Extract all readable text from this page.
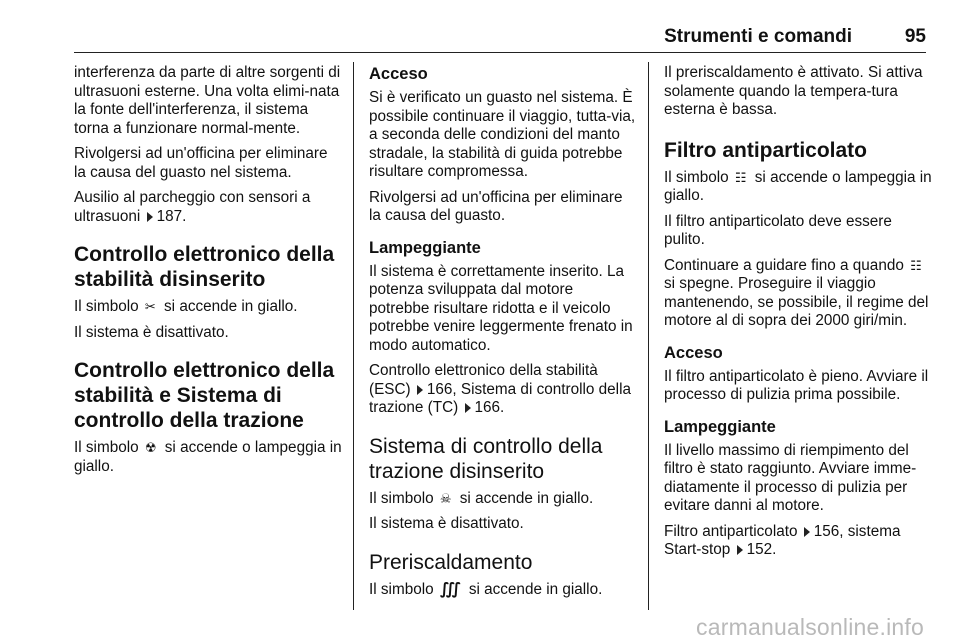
Strumenti e comandi	95

interferenza da parte di altre sorgenti di ultrasuoni esterne. Una volta elimi-nata la fonte dell'interferenza, il sistema torna a funzionare normal-mente.

Rivolgersi ad un'officina per eliminare la causa del guasto nel sistema.

Ausilio al parcheggio con sensori a ultrasuoni 187.

Controllo elettronico della stabilità disinserito

Il simbolo ✂ si accende in giallo.

Il sistema è disattivato.

Controllo elettronico della stabilità e Sistema di controllo della trazione

Il simbolo ☢ si accende o lampeggia in giallo.

Acceso

Si è verificato un guasto nel sistema. È possibile continuare il viaggio, tutta-via, a seconda delle condizioni del manto stradale, la stabilità di guida potrebbe risultare compromessa.

Rivolgersi ad un'officina per eliminare la causa del guasto.

Lampeggiante

Il sistema è correttamente inserito. La potenza sviluppata dal motore potrebbe risultare ridotta e il veicolo potrebbe venire leggermente frenato in modo automatico.

Controllo elettronico della stabilità (ESC) 166, Sistema di controllo della trazione (TC) 166.

Sistema di controllo della trazione disinserito

Il simbolo ☠ si accende in giallo.

Il sistema è disattivato.

Preriscaldamento

Il simbolo ∭ si accende in giallo.

Il preriscaldamento è attivato. Si attiva solamente quando la tempera-tura esterna è bassa.

Filtro antiparticolato

Il simbolo ☷ si accende o lampeggia in giallo.

Il filtro antiparticolato deve essere pulito.

Continuare a guidare fino a quando ☷ si spegne. Proseguire il viaggio mantenendo, se possibile, il regime del motore al di sopra dei 2000 giri/min.

Acceso

Il filtro antiparticolato è pieno. Avviare il processo di pulizia prima possibile.

Lampeggiante

Il livello massimo di riempimento del filtro è stato raggiunto. Avviare imme-diatamente il processo di pulizia per evitare danni al motore.

Filtro antiparticolato 156, sistema Start-stop 152.

carmanualsonline.info
